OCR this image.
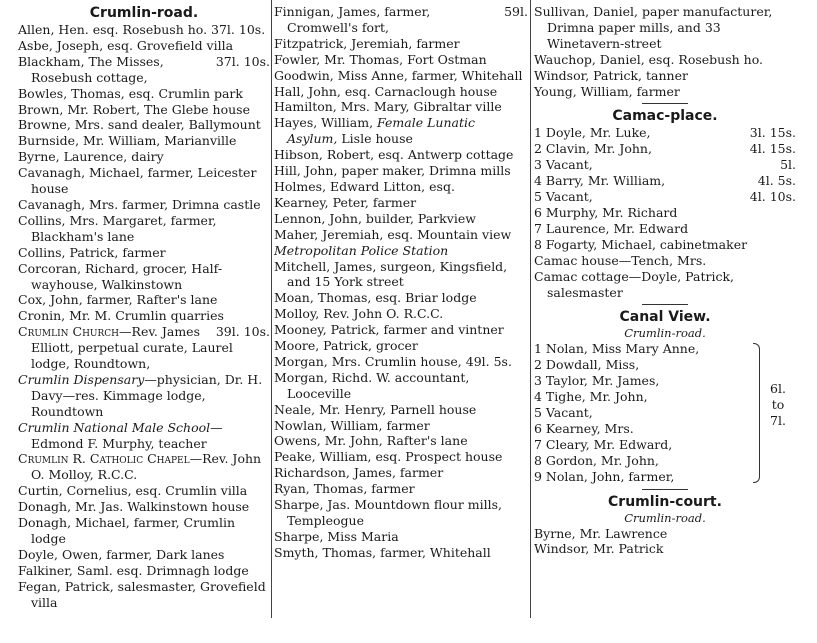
Crumlin-road.
Allen, Hen. esq. Rosebush ho. 37l. 10s.
Asbe, Joseph, esq. Grovefield villa
37l. 10s.
Blackham, The Misses, Rosebush cottage,
Bowles, Thomas, esq. Crumlin park
Brown, Mr. Robert, The Glebe house
Browne, Mrs. sand dealer, Ballymount
Burnside, Mr. William, Marianville
Byrne, Laurence, dairy
Cavanagh, Michael, farmer, Leicester house
Cavanagh, Mrs. farmer, Drimna castle
Collins, Mrs. Margaret, farmer, Blackham's lane
Collins, Patrick, farmer
Corcoran, Richard, grocer, Half-wayhouse, Walkinstown
Cox, John, farmer, Rafter's lane
Cronin, Mr. M. Crumlin quarries
39l. 10s.
Crumlin Church—Rev. James Elliott, perpetual curate, Laurel lodge, Roundtown,
Crumlin Dispensary—physician, Dr. H. Davy—res. Kimmage lodge, Roundtown
Crumlin National Male School— Edmond F. Murphy, teacher
Crumlin R. Catholic Chapel—Rev. John O. Molloy, R.C.C.
Curtin, Cornelius, esq. Crumlin villa
Donagh, Mr. Jas. Walkinstown house
Donagh, Michael, farmer, Crumlin lodge
Doyle, Owen, farmer, Dark lanes
Falkiner, Saml. esq. Drimnagh lodge
Fegan, Patrick, salesmaster, Grovefield villa
59l.
Finnigan, James, farmer, Cromwell's fort,
Fitzpatrick, Jeremiah, farmer
Fowler, Mr. Thomas, Fort Ostman
Goodwin, Miss Anne, farmer, Whitehall
Hall, John, esq. Carnaclough house
Hamilton, Mrs. Mary, Gibraltar ville
Hayes, William, Female Lunatic Asylum, Lisle house
Hibson, Robert, esq. Antwerp cottage
Hill, John, paper maker, Drimna mills
Holmes, Edward Litton, esq.
Kearney, Peter, farmer
Lennon, John, builder, Parkview
Maher, Jeremiah, esq. Mountain view
Metropolitan Police Station
Mitchell, James, surgeon, Kingsfield, and 15 York street
Moan, Thomas, esq. Briar lodge
Molloy, Rev. John O. R.C.C.
Mooney, Patrick, farmer and vintner
Moore, Patrick, grocer
Morgan, Mrs. Crumlin house, 49l. 5s.
Morgan, Richd. W. accountant, Looceville
Neale, Mr. Henry, Parnell house
Nowlan, William, farmer
Owens, Mr. John, Rafter's lane
Peake, William, esq. Prospect house
Richardson, James, farmer
Ryan, Thomas, farmer
Sharpe, Jas. Mountdown flour mills, Templeogue
Sharpe, Miss Maria
Smyth, Thomas, farmer, Whitehall
Sullivan, Daniel, paper manufacturer, Drimna paper mills, and 33 Winetavern-street
Wauchop, Daniel, esq. Rosebush ho.
Windsor, Patrick, tanner
Young, William, farmer
Camac-place.
3l. 15s.
1 Doyle, Mr. Luke,
4l. 15s.
2 Clavin, Mr. John,
5l.
3 Vacant,
4l. 5s.
4 Barry, Mr. William,
4l. 10s.
5 Vacant,
6 Murphy, Mr. Richard
7 Laurence, Mr. Edward
8 Fogarty, Michael, cabinetmaker
Camac house—Tench, Mrs.
Camac cottage—Doyle, Patrick, salesmaster
Canal View.
Crumlin-road.
1 Nolan, Miss Mary Anne,
2 Dowdall, Miss,
3 Taylor, Mr. James,
4 Tighe, Mr. John,
5 Vacant,
6 Kearney, Mrs.
7 Cleary, Mr. Edward,
8 Gordon, Mr. John,
9 Nolan, John, farmer,
6l.
to
7l.
Crumlin-court.
Crumlin-road.
Byrne, Mr. Lawrence
Windsor, Mr. Patrick
